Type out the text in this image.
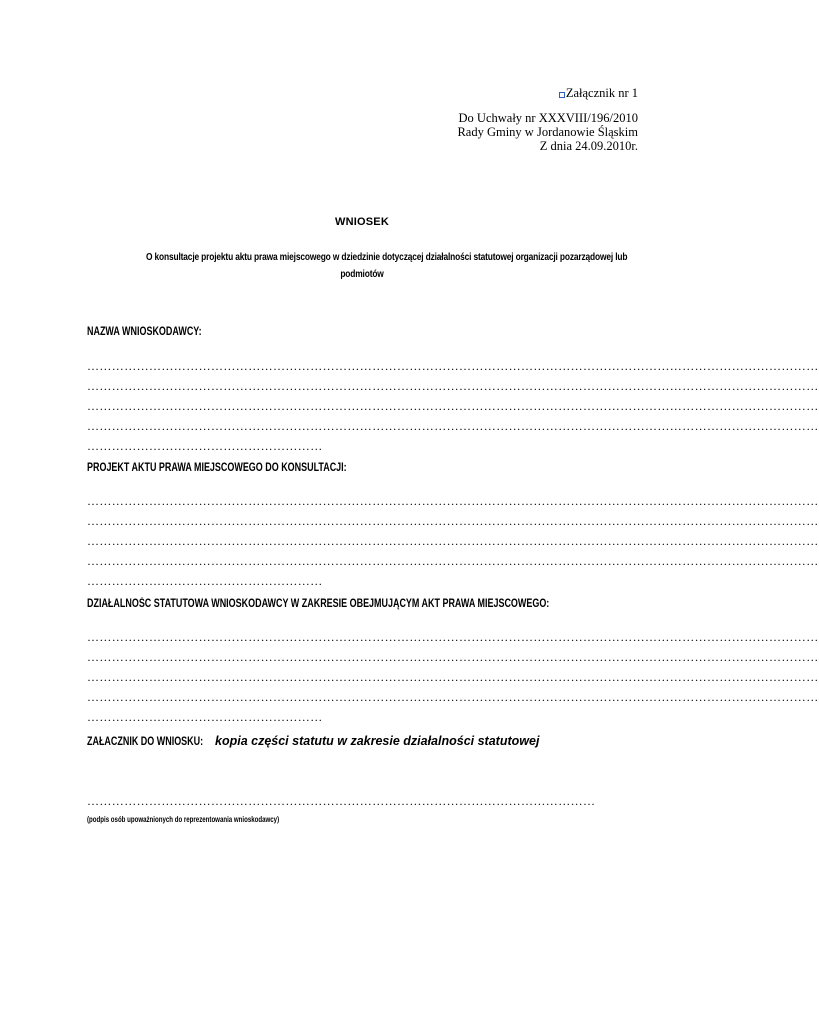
Załącznik nr 1
Do Uchwały nr XXXVIII/196/2010
Rady Gminy w Jordanowie Śląskim
Z dnia 24.09.2010r.
WNIOSEK
O konsultacje projektu aktu prawa miejscowego w dziedzinie dotyczącej działalności statutowej organizacji pozarządowej lub
podmiotów
NAZWA WNIOSKODAWCY:
……………………………………………………………………………………………………………………………………………………………
……………………………………………………………………………………………………………………………………………………………
……………………………………………………………………………………………………………………………………………………………
……………………………………………………………………………………………………………………………………………………………
…………………………………………………
PROJEKT AKTU PRAWA MIEJSCOWEGO DO KONSULTACJI:
……………………………………………………………………………………………………………………………………………………………
……………………………………………………………………………………………………………………………………………………………
……………………………………………………………………………………………………………………………………………………………
……………………………………………………………………………………………………………………………………………………………
…………………………………………………
DZIAŁALNOŚC STATUTOWA WNIOSKODAWCY W ZAKRESIE OBEJMUJĄCYM AKT PRAWA MIEJSCOWEGO:
……………………………………………………………………………………………………………………………………………………………
……………………………………………………………………………………………………………………………………………………………
……………………………………………………………………………………………………………………………………………………………
……………………………………………………………………………………………………………………………………………………………
…………………………………………………
ZAŁACZNIK DO WNIOSKU: kopia części statutu w zakresie działalności statutowej
……………………………………………………………………………………………………………
(podpis osób upoważnionych do reprezentowania wnioskodawcy)
